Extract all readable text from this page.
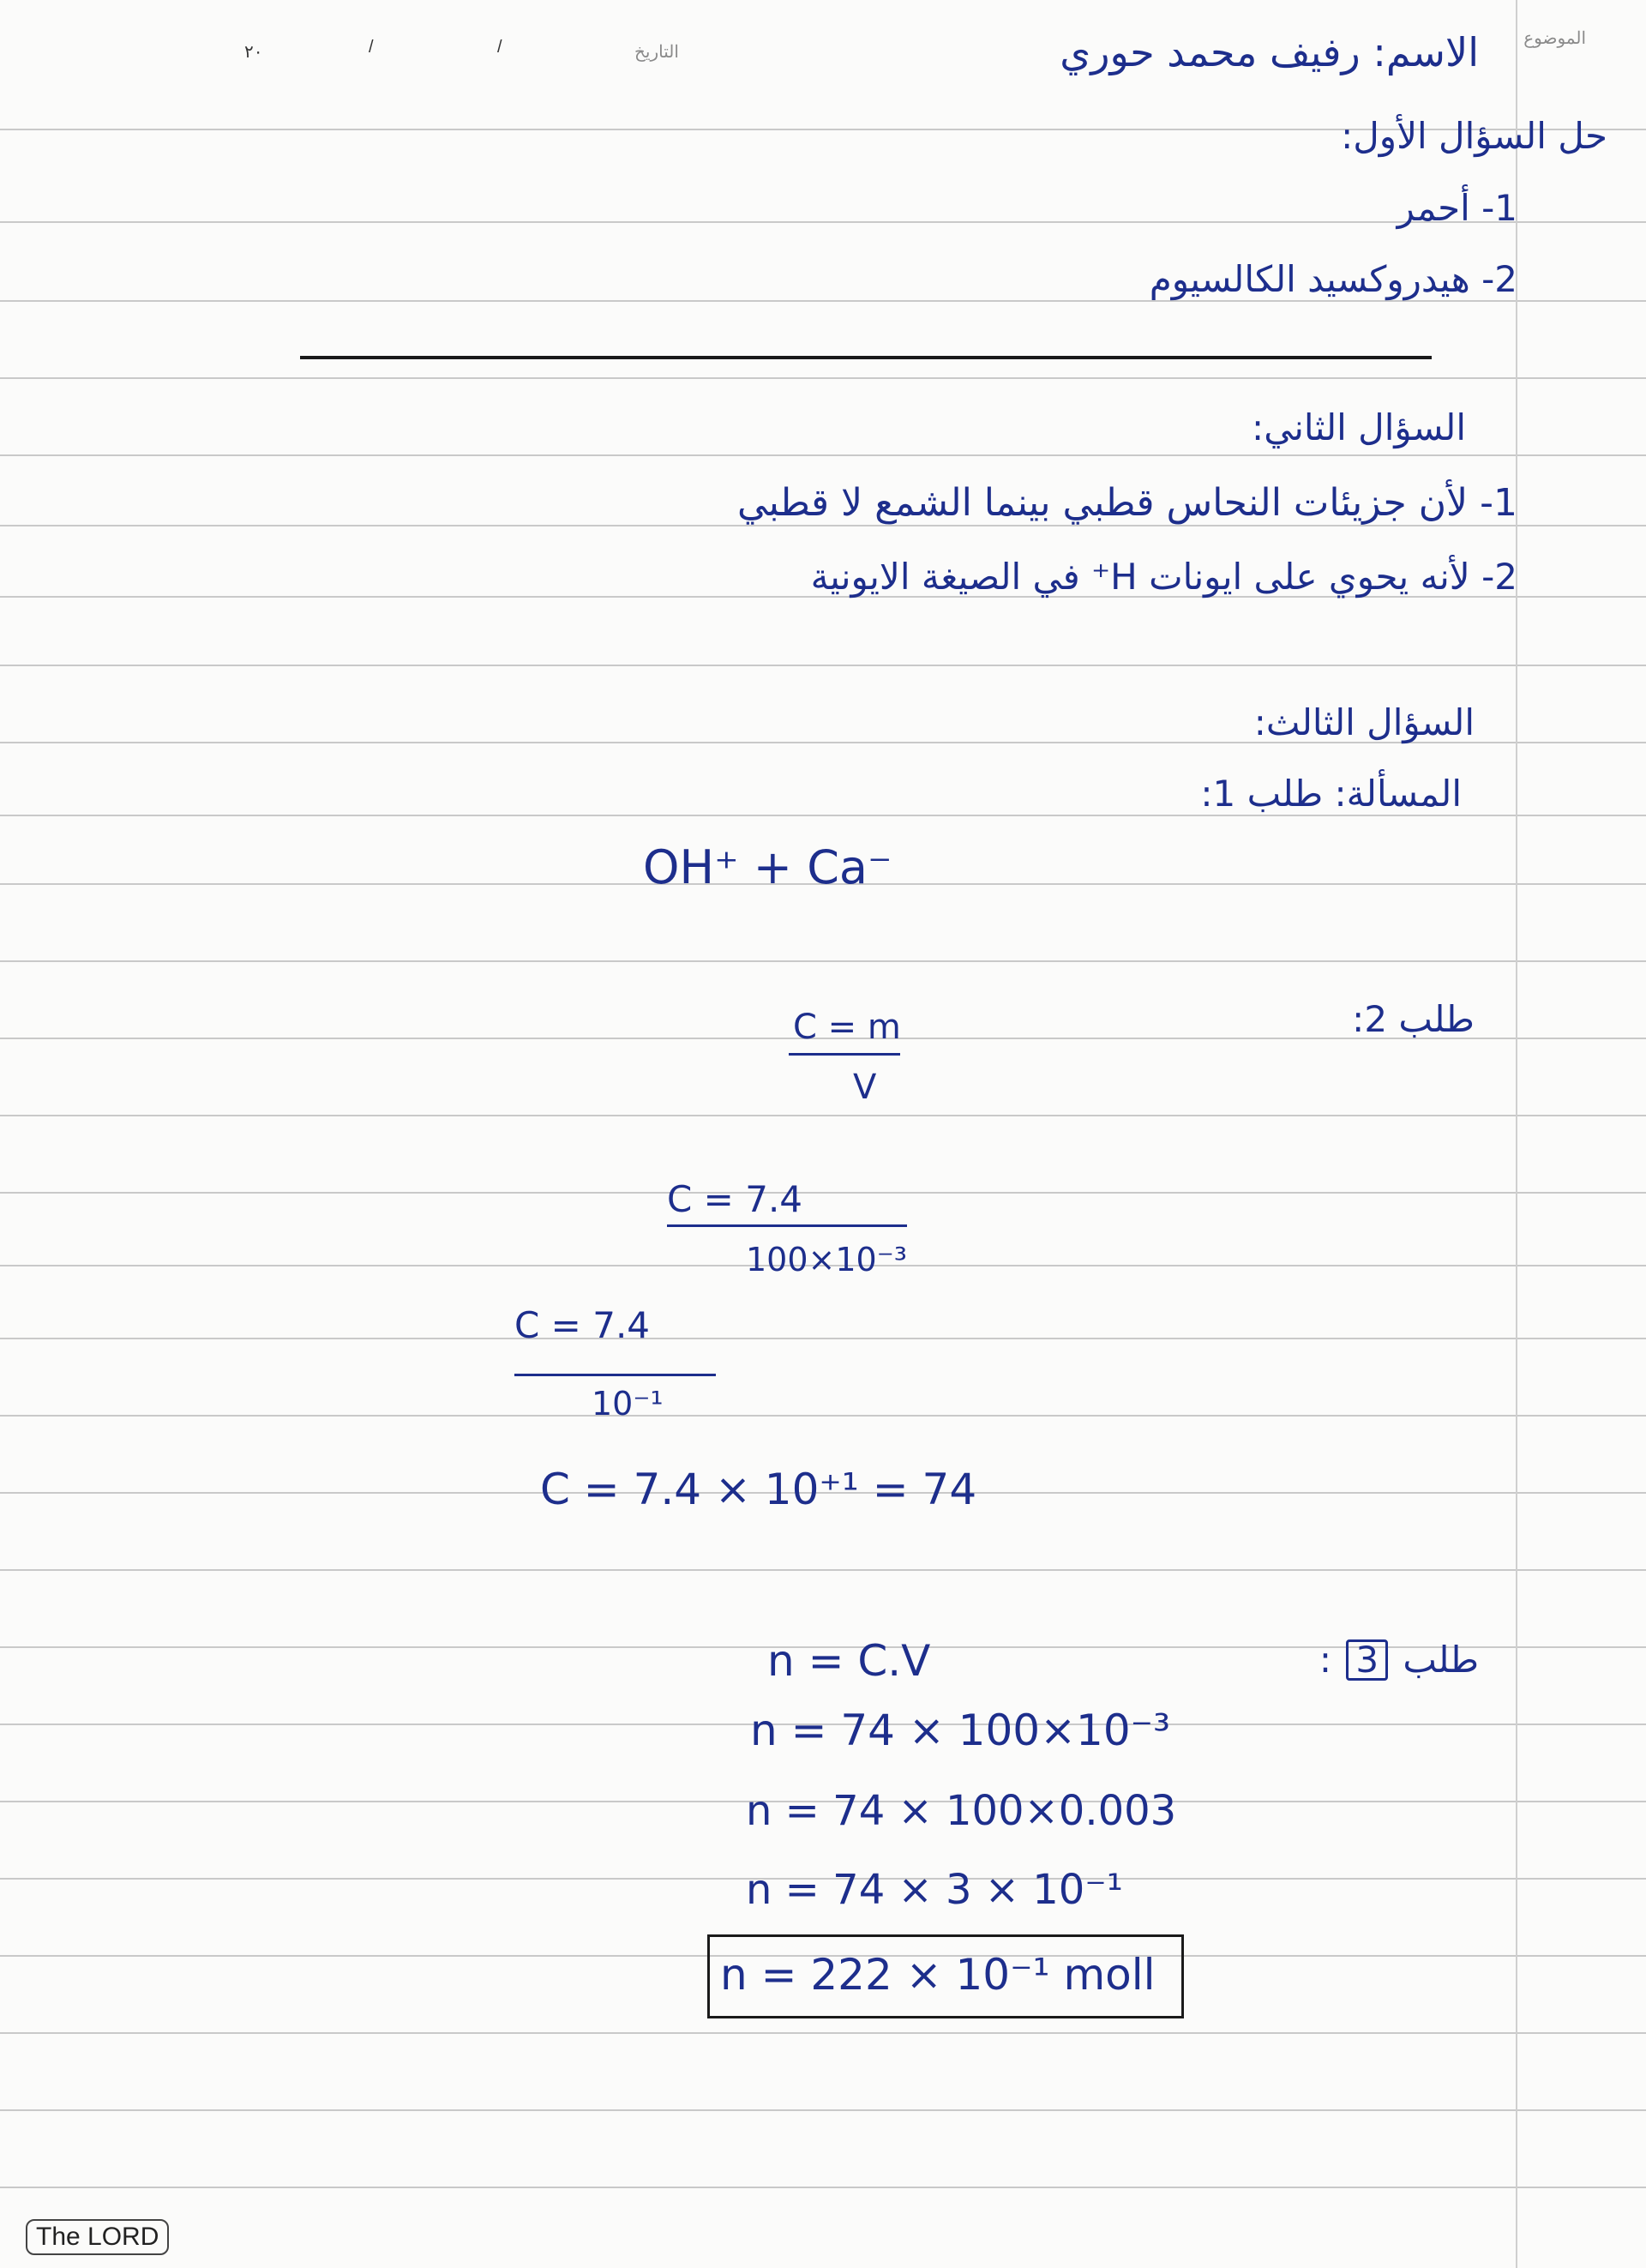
الموضوع
التاريخ
٢٠	/	/	الاسم: رفيف محمد حوري
حل السؤال الأول:
1- أحمر
2- هيدروكسيد الكالسيوم
السؤال الثاني:
1- لأن جزيئات النحاس قطبي بينما الشمع لا قطبي
2- لأنه يحوي على ايونات H⁺ في الصيغة الايونية
السؤال الثالث:
المسألة: طلب 1:
OH⁺ + Ca⁻
طلب 2:
C = m
V
C = 7.4
100×10⁻³
C = 7.4
10⁻¹
C = 7.4 × 10⁺¹ = 74
طلب 3 :
n = C.V
n = 74 × 100×10⁻³
n = 74 × 100×0.003
n = 74 × 3 × 10⁻¹
n = 222 × 10⁻¹ moll
The LORD
